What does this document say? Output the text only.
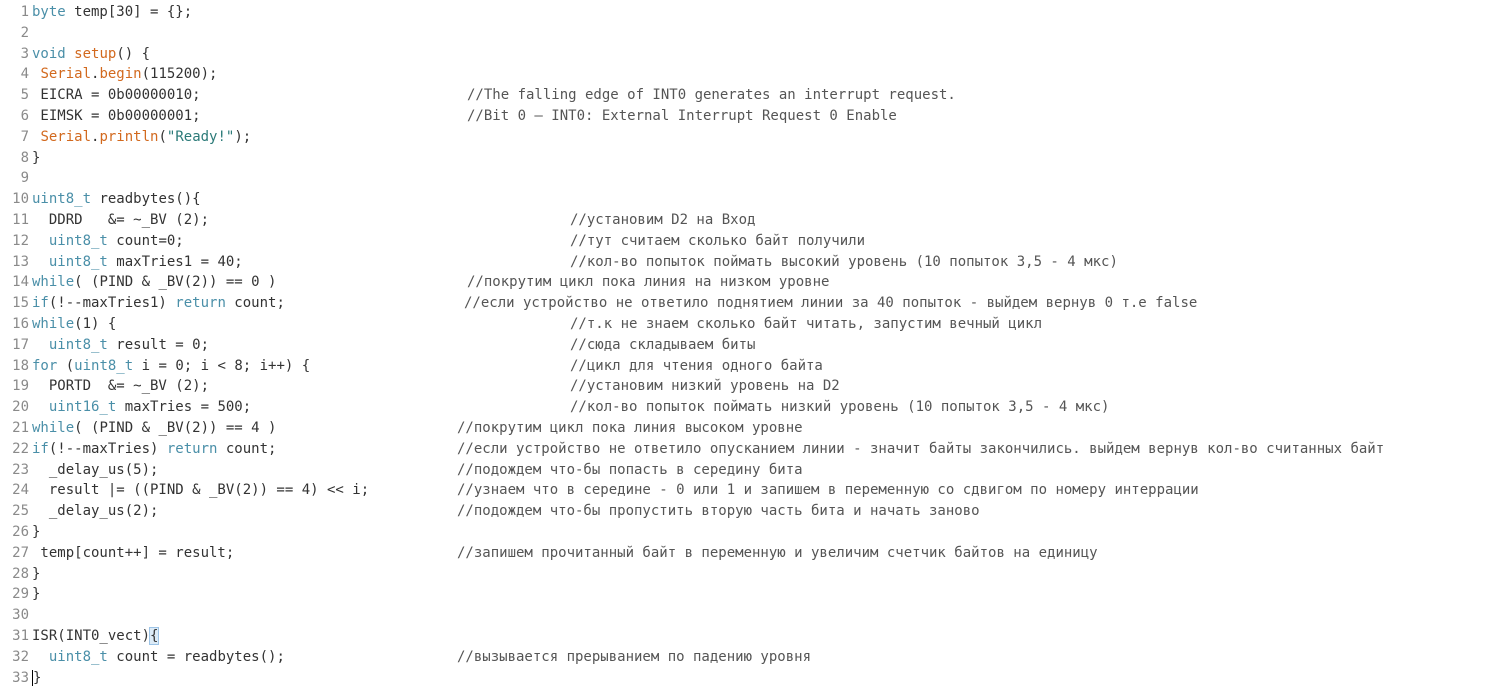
1 byte temp[30] = {};
2
3 void setup() {
4 Serial.begin(115200);
5 EICRA = 0b00000010;	//The falling edge of INT0 generates an interrupt request.
6 EIMSK = 0b00000001;	//Bit 0 – INT0: External Interrupt Request 0 Enable
7 Serial.println("Ready!");
8 }
9
10 uint8_t readbytes(){
11 DDRD   &= ~_BV (2);	//установим D2 на Вход
12	uint8_t count=0;	//тут считаем сколько байт получили
13	uint8_t maxTries1 = 40;	//кол-во попыток поймать высокий уровень (10 попыток 3,5 - 4 мкс)
14 while( (PIND & _BV(2)) == 0 )	//покрутим цикл пока линия на низком уровне
15 if(!--maxTries1) return count;	//если устройство не ответило поднятием линии за 40 попыток - выйдем вернув 0 т.е false
16 while(1) {	//т.к не знаем сколько байт читать, запустим вечный цикл
17	uint8_t result = 0;	//сюда складываем биты
18 for (uint8_t i = 0; i < 8; i++) {	//цикл для чтения одного байта
19 PORTD  &= ~_BV (2);	//установим низкий уровень на D2
20	uint16_t maxTries = 500;	//кол-во попыток поймать низкий уровень (10 попыток 3,5 - 4 мкс)
21 while( (PIND & _BV(2)) == 4 )	//покрутим цикл пока линия высоком уровне
22 if(!--maxTries) return count;	//если устройство не ответило опусканием линии - значит байты закончились. выйдем вернув кол-во считанных байт
23 _delay_us(5);	//подождем что-бы попасть в середину бита
24 result |= ((PIND & _BV(2)) == 4) << i;	//узнаем что в середине - 0 или 1 и запишем в переменную со сдвигом по номеру интеррации
25 _delay_us(2);	//подождем что-бы пропустить вторую часть бита и начать заново
26 }
27 temp[count++] = result;	//запишем прочитанный байт в переменную и увеличим счетчик байтов на единицу
28 }
29 }
30
31 ISR(INT0_vect){
32	uint8_t count = readbytes();	//вызывается прерыванием по падению уровня
33 }
